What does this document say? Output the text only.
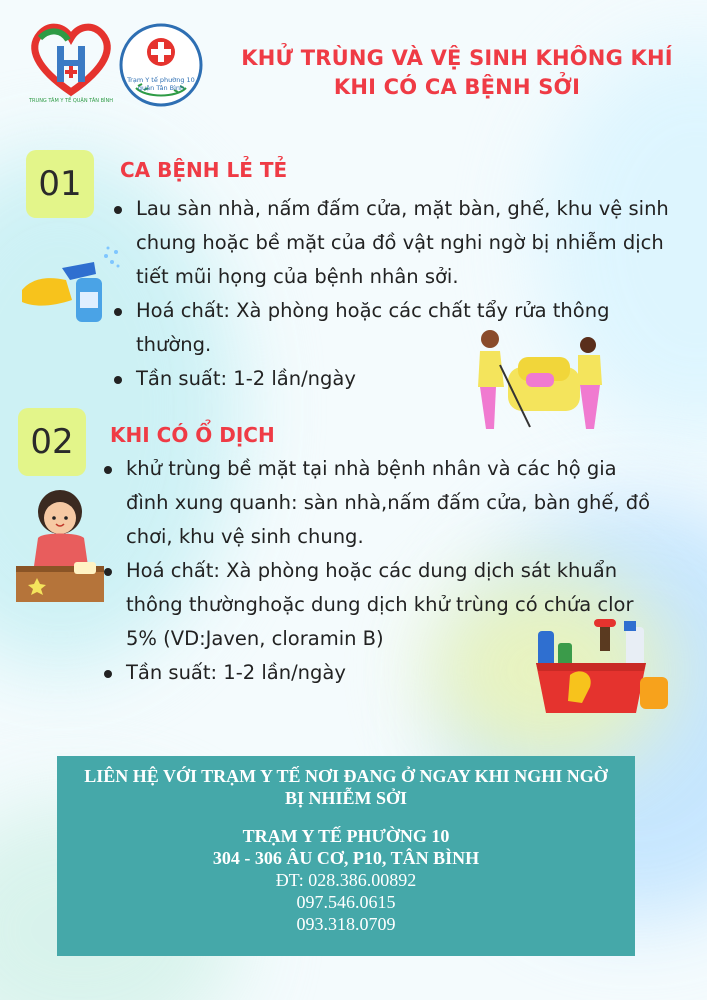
TRUNG TÂM Y TẾ QUẬN TÂN BÌNH
Trạm Y tế phường 10 quận Tân Bình
KHỬ TRÙNG VÀ VỆ SINH KHÔNG KHÍ
KHI CÓ CA BỆNH SỞI
01	CA BỆNH LẺ TẺ
Lau sàn nhà, nấm đấm cửa, mặt bàn, ghế, khu vệ sinh chung hoặc bề mặt của đồ vật nghi ngờ bị nhiễm dịch tiết mũi họng của bệnh nhân sởi.
Hoá chất: Xà phòng hoặc các chất tẩy rửa thông thường.
Tần suất: 1-2 lần/ngày
02	KHI CÓ Ổ DỊCH
khử trùng bề mặt tại nhà bệnh nhân và các hộ gia đình xung quanh: sàn nhà,nấm đấm cửa, bàn ghế, đồ chơi, khu vệ sinh chung.
Hoá chất: Xà phòng hoặc các dung dịch sát khuẩn thông thườnghoặc dung dịch khử trùng có chứa clor 5% (VD:Javen, cloramin B)
Tần suất: 1-2 lần/ngày
LIÊN HỆ VỚI TRẠM Y TẾ NƠI ĐANG Ở NGAY KHI NGHI NGỜ BỊ NHIỄM SỞI
TRẠM Y TẾ PHƯỜNG 10
304 - 306 ÂU CƠ, P10, TÂN BÌNH
ĐT: 028.386.00892
097.546.0615
093.318.0709
